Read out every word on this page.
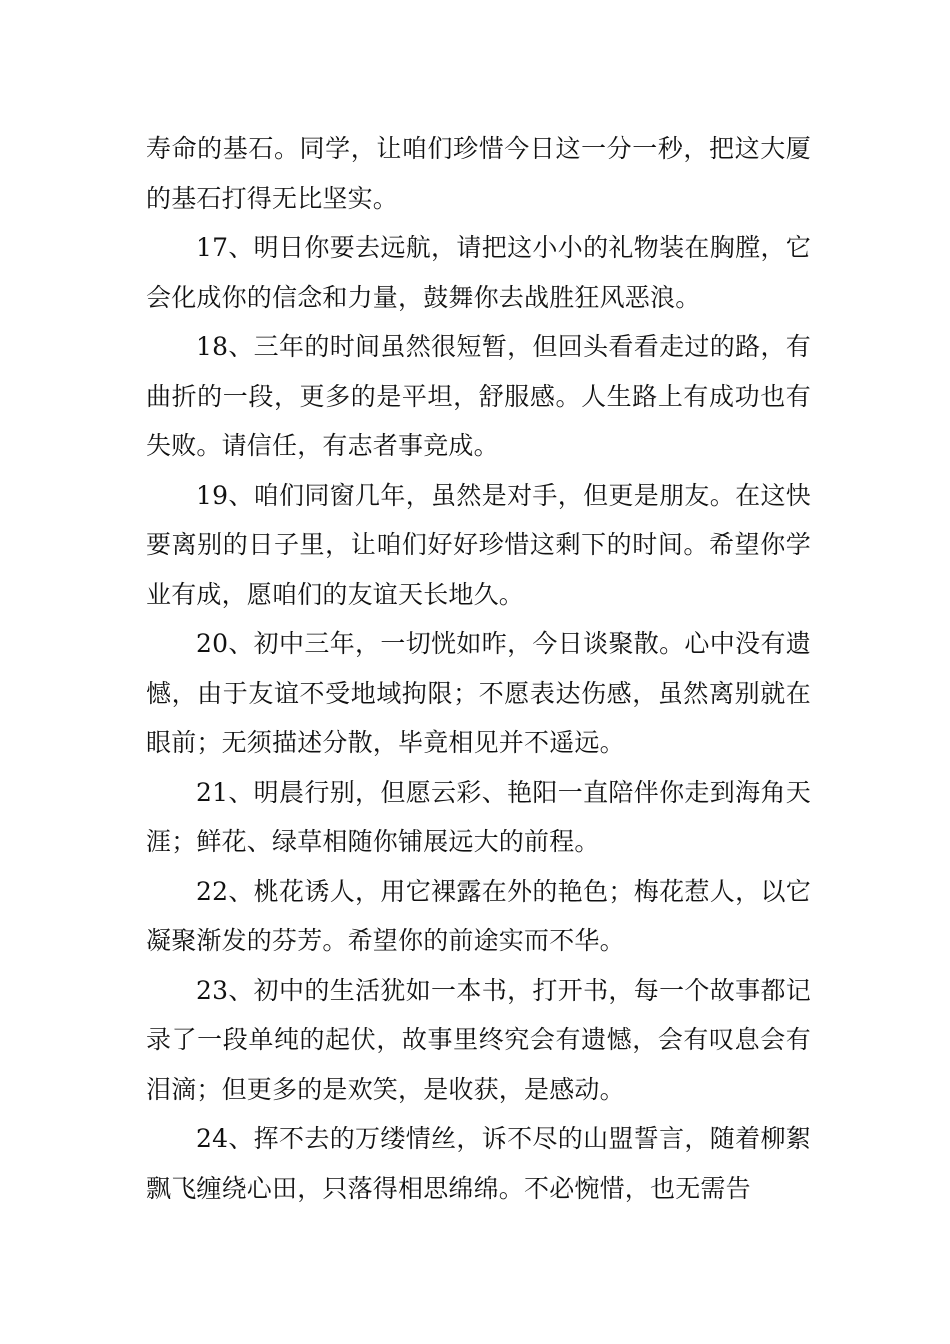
寿命的基石。同学，让咱们珍惜今日这一分一秒，把这大厦的基石打得无比坚实。

17、明日你要去远航，请把这小小的礼物装在胸膛，它会化成你的信念和力量，鼓舞你去战胜狂风恶浪。

18、三年的时间虽然很短暂，但回头看看走过的路，有曲折的一段，更多的是平坦，舒服感。人生路上有成功也有失败。请信任，有志者事竞成。

19、咱们同窗几年，虽然是对手，但更是朋友。在这快要离别的日子里，让咱们好好珍惜这剩下的时间。希望你学业有成，愿咱们的友谊天长地久。

20、初中三年，一切恍如昨，今日谈聚散。心中没有遗憾，由于友谊不受地域拘限；不愿表达伤感，虽然离别就在眼前；无须描述分散，毕竟相见并不遥远。

21、明晨行别，但愿云彩、艳阳一直陪伴你走到海角天涯；鲜花、绿草相随你铺展远大的前程。

22、桃花诱人，用它裸露在外的艳色；梅花惹人，以它凝聚渐发的芬芳。希望你的前途实而不华。

23、初中的生活犹如一本书，打开书，每一个故事都记录了一段单纯的起伏，故事里终究会有遗憾，会有叹息会有泪滴；但更多的是欢笑，是收获，是感动。

24、挥不去的万缕情丝，诉不尽的山盟誓言，随着柳絮飘飞缠绕心田，只落得相思绵绵。不必惋惜，也无需告
